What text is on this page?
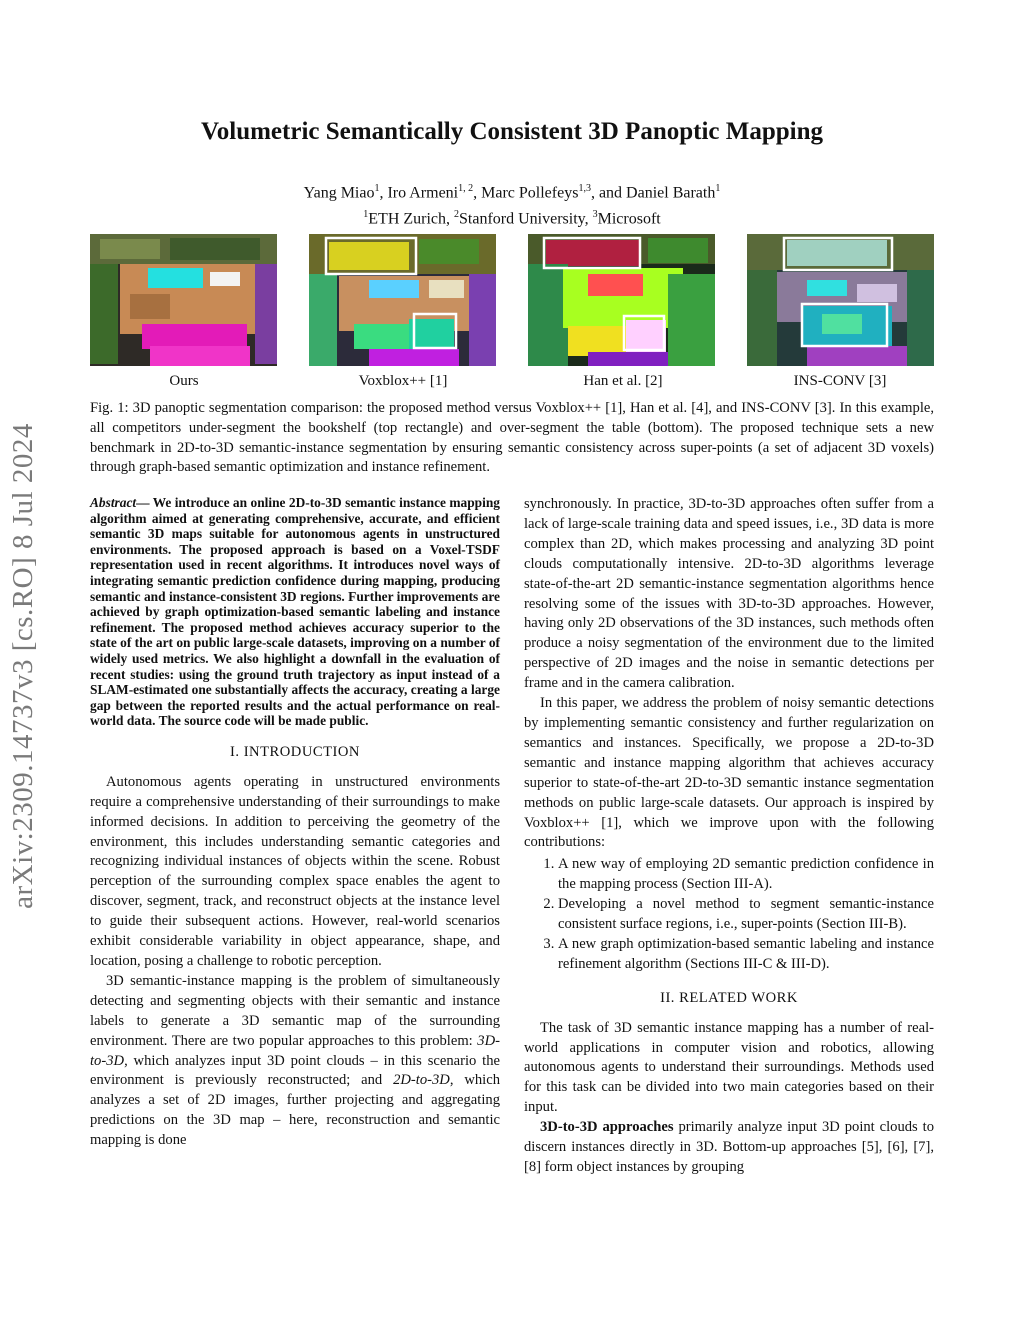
arXiv:2309.14737v3 [cs.RO] 8 Jul 2024
Volumetric Semantically Consistent 3D Panoptic Mapping
Yang Miao$^1$, Iro Armeni$^{1, 2}$, Marc Pollefeys$^{1,3}$, and Daniel Barath$^1$
$^1$ETH Zurich, $^2$Stanford University, $^3$Microsoft
Ours	Voxblox++ [1]	Han et al. [2]	INS-CONV [3]
Fig. 1: 3D panoptic segmentation comparison: the proposed method versus Voxblox++ [1], Han et al. [4], and INS-CONV [3]. In this example, all competitors under-segment the bookshelf (top rectangle) and over-segment the table (bottom). The proposed technique sets a new benchmark in 2D-to-3D semantic-instance segmentation by ensuring semantic consistency across super-points (a set of adjacent 3D voxels) through graph-based semantic optimization and instance refinement.

Abstract— We introduce an online 2D-to-3D semantic instance mapping algorithm aimed at generating comprehensive, accurate, and efficient semantic 3D maps suitable for autonomous agents in unstructured environments. The proposed approach is based on a Voxel-TSDF representation used in recent algorithms. It introduces novel ways of integrating semantic prediction confidence during mapping, producing semantic and instance-consistent 3D regions. Further improvements are achieved by graph optimization-based semantic labeling and instance refinement. The proposed method achieves accuracy superior to the state of the art on public large-scale datasets, improving on a number of widely used metrics. We also highlight a downfall in the evaluation of recent studies: using the ground truth trajectory as input instead of a SLAM-estimated one substantially affects the accuracy, creating a large gap between the reported results and the actual performance on real-world data. The source code will be made public.

I. INTRODUCTION

Autonomous agents operating in unstructured environments require a comprehensive understanding of their surroundings to make informed decisions. In addition to perceiving the geometry of the environment, this includes understanding semantic categories and recognizing individual instances of objects within the scene. Robust perception of the surrounding complex space enables the agent to discover, segment, track, and reconstruct objects at the instance level to guide their subsequent actions. However, real-world scenarios exhibit considerable variability in object appearance, shape, and location, posing a challenge to robotic perception.

3D semantic-instance mapping is the problem of simultaneously detecting and segmenting objects with their semantic and instance labels to generate a 3D semantic map of the surrounding environment. There are two popular approaches to this problem: 3D-to-3D, which analyzes input 3D point clouds – in this scenario the environment is previously reconstructed; and 2D-to-3D, which analyzes a set of 2D images, further projecting and aggregating predictions on the 3D map – here, reconstruction and semantic mapping is done

synchronously. In practice, 3D-to-3D approaches often suffer from a lack of large-scale training data and speed issues, i.e., 3D data is more complex than 2D, which makes processing and analyzing 3D point clouds computationally intensive. 2D-to-3D algorithms leverage state-of-the-art 2D semantic-instance segmentation algorithms hence resolving some of the issues with 3D-to-3D approaches. However, having only 2D observations of the 3D instances, such methods often produce a noisy segmentation of the environment due to the limited perspective of 2D images and the noise in semantic detections per frame and in the camera calibration.

In this paper, we address the problem of noisy semantic detections by implementing semantic consistency and further regularization on semantics and instances. Specifically, we propose a 2D-to-3D semantic and instance mapping algorithm that achieves accuracy superior to state-of-the-art 2D-to-3D semantic instance segmentation methods on public large-scale datasets. Our approach is inspired by Voxblox++ [1], which we improve upon with the following contributions:

1. A new way of employing 2D semantic prediction confidence in the mapping process (Section III-A).
2. Developing a novel method to segment semantic-instance consistent surface regions, i.e., super-points (Section III-B).
3. A new graph optimization-based semantic labeling and instance refinement algorithm (Sections III-C & III-D).
II. RELATED WORK

The task of 3D semantic instance mapping has a number of real-world applications in computer vision and robotics, allowing autonomous agents to understand their surroundings. Methods used for this task can be divided into two main categories based on their input.

3D-to-3D approaches primarily analyze input 3D point clouds to discern instances directly in 3D. Bottom-up approaches [5], [6], [7], [8] form object instances by grouping
